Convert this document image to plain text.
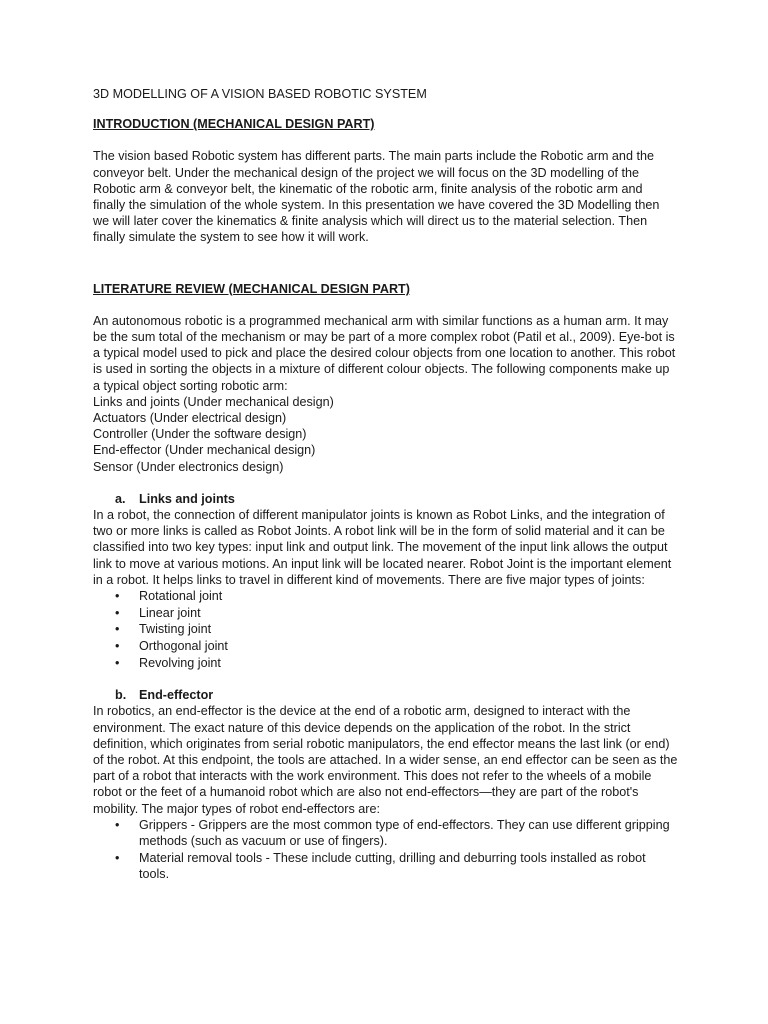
3D MODELLING OF A VISION BASED ROBOTIC SYSTEM

INTRODUCTION (MECHANICAL DESIGN PART)

The vision based Robotic system has different parts. The main parts include the Robotic arm and the conveyor belt. Under the mechanical design of the project we will focus on the 3D modelling of the Robotic arm & conveyor belt, the kinematic of the robotic arm, finite analysis of the robotic arm and finally the simulation of the whole system. In this presentation we have covered the 3D Modelling then we will later cover the kinematics & finite analysis which will direct us to the material selection. Then finally simulate the system to see how it will work.

LITERATURE REVIEW (MECHANICAL DESIGN PART)

An autonomous robotic is a programmed mechanical arm with similar functions as a human arm. It may be the sum total of the mechanism or may be part of a more complex robot (Patil et al., 2009). Eye-bot is a typical model used to pick and place the desired colour objects from one location to another. This robot is used in sorting the objects in a mixture of different colour objects. The following components make up a typical object sorting robotic arm:

Links and joints (Under mechanical design)
Actuators (Under electrical design)
Controller (Under the software design)
End-effector (Under mechanical design)
Sensor (Under electronics design)
a.	Links and joints

In a robot, the connection of different manipulator joints is known as Robot Links, and the integration of two or more links is called as Robot Joints. A robot link will be in the form of solid material and it can be classified into two key types: input link and output link. The movement of the input link allows the output link to move at various motions. An input link will be located nearer. Robot Joint is the important element in a robot. It helps links to travel in different kind of movements. There are five major types of joints:

• Rotational joint
• Linear joint
• Twisting joint
• Orthogonal joint
• Revolving joint
b.	End-effector

In robotics, an end-effector is the device at the end of a robotic arm, designed to interact with the environment. The exact nature of this device depends on the application of the robot. In the strict definition, which originates from serial robotic manipulators, the end effector means the last link (or end) of the robot. At this endpoint, the tools are attached. In a wider sense, an end effector can be seen as the part of a robot that interacts with the work environment. This does not refer to the wheels of a mobile robot or the feet of a humanoid robot which are also not end-effectors—they are part of the robot's mobility. The major types of robot end-effectors are:

• Grippers - Grippers are the most common type of end-effectors. They can use different gripping methods (such as vacuum or use of fingers).
• Material removal tools - These include cutting, drilling and deburring tools installed as robot tools.
